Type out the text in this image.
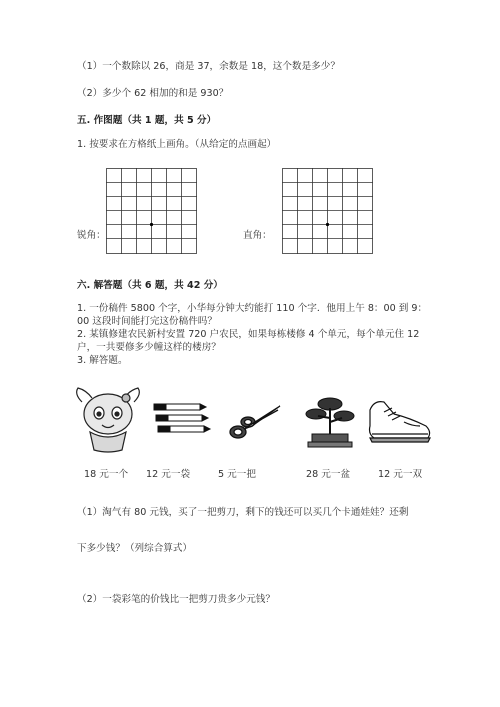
（1）一个数除以 26，商是 37，余数是 18，这个数是多少？
（2）多少个 62 相加的和是 930？
五. 作图题（共 1 题，共 5 分）
1. 按要求在方格纸上画角。（从给定的点画起）
锐角：	直角：
六. 解答题（共 6 题，共 42 分）
1. 一份稿件 5800 个字，小华每分钟大约能打 110 个字．他用上午 8：00 到 9：
00 这段时间能打完这份稿件吗？
2. 某镇修建农民新村安置 720 户农民，如果每栋楼修 4 个单元，每个单元住 12
户，一共要修多少幢这样的楼房？
3. 解答题。
18 元一个 12 元一袋	5 元一把	28 元一盆	12 元一双
（1）淘气有 80 元钱，买了一把剪刀，剩下的钱还可以买几个卡通娃娃？还剩
下多少钱？（列综合算式）
（2）一袋彩笔的价钱比一把剪刀贵多少元钱？
